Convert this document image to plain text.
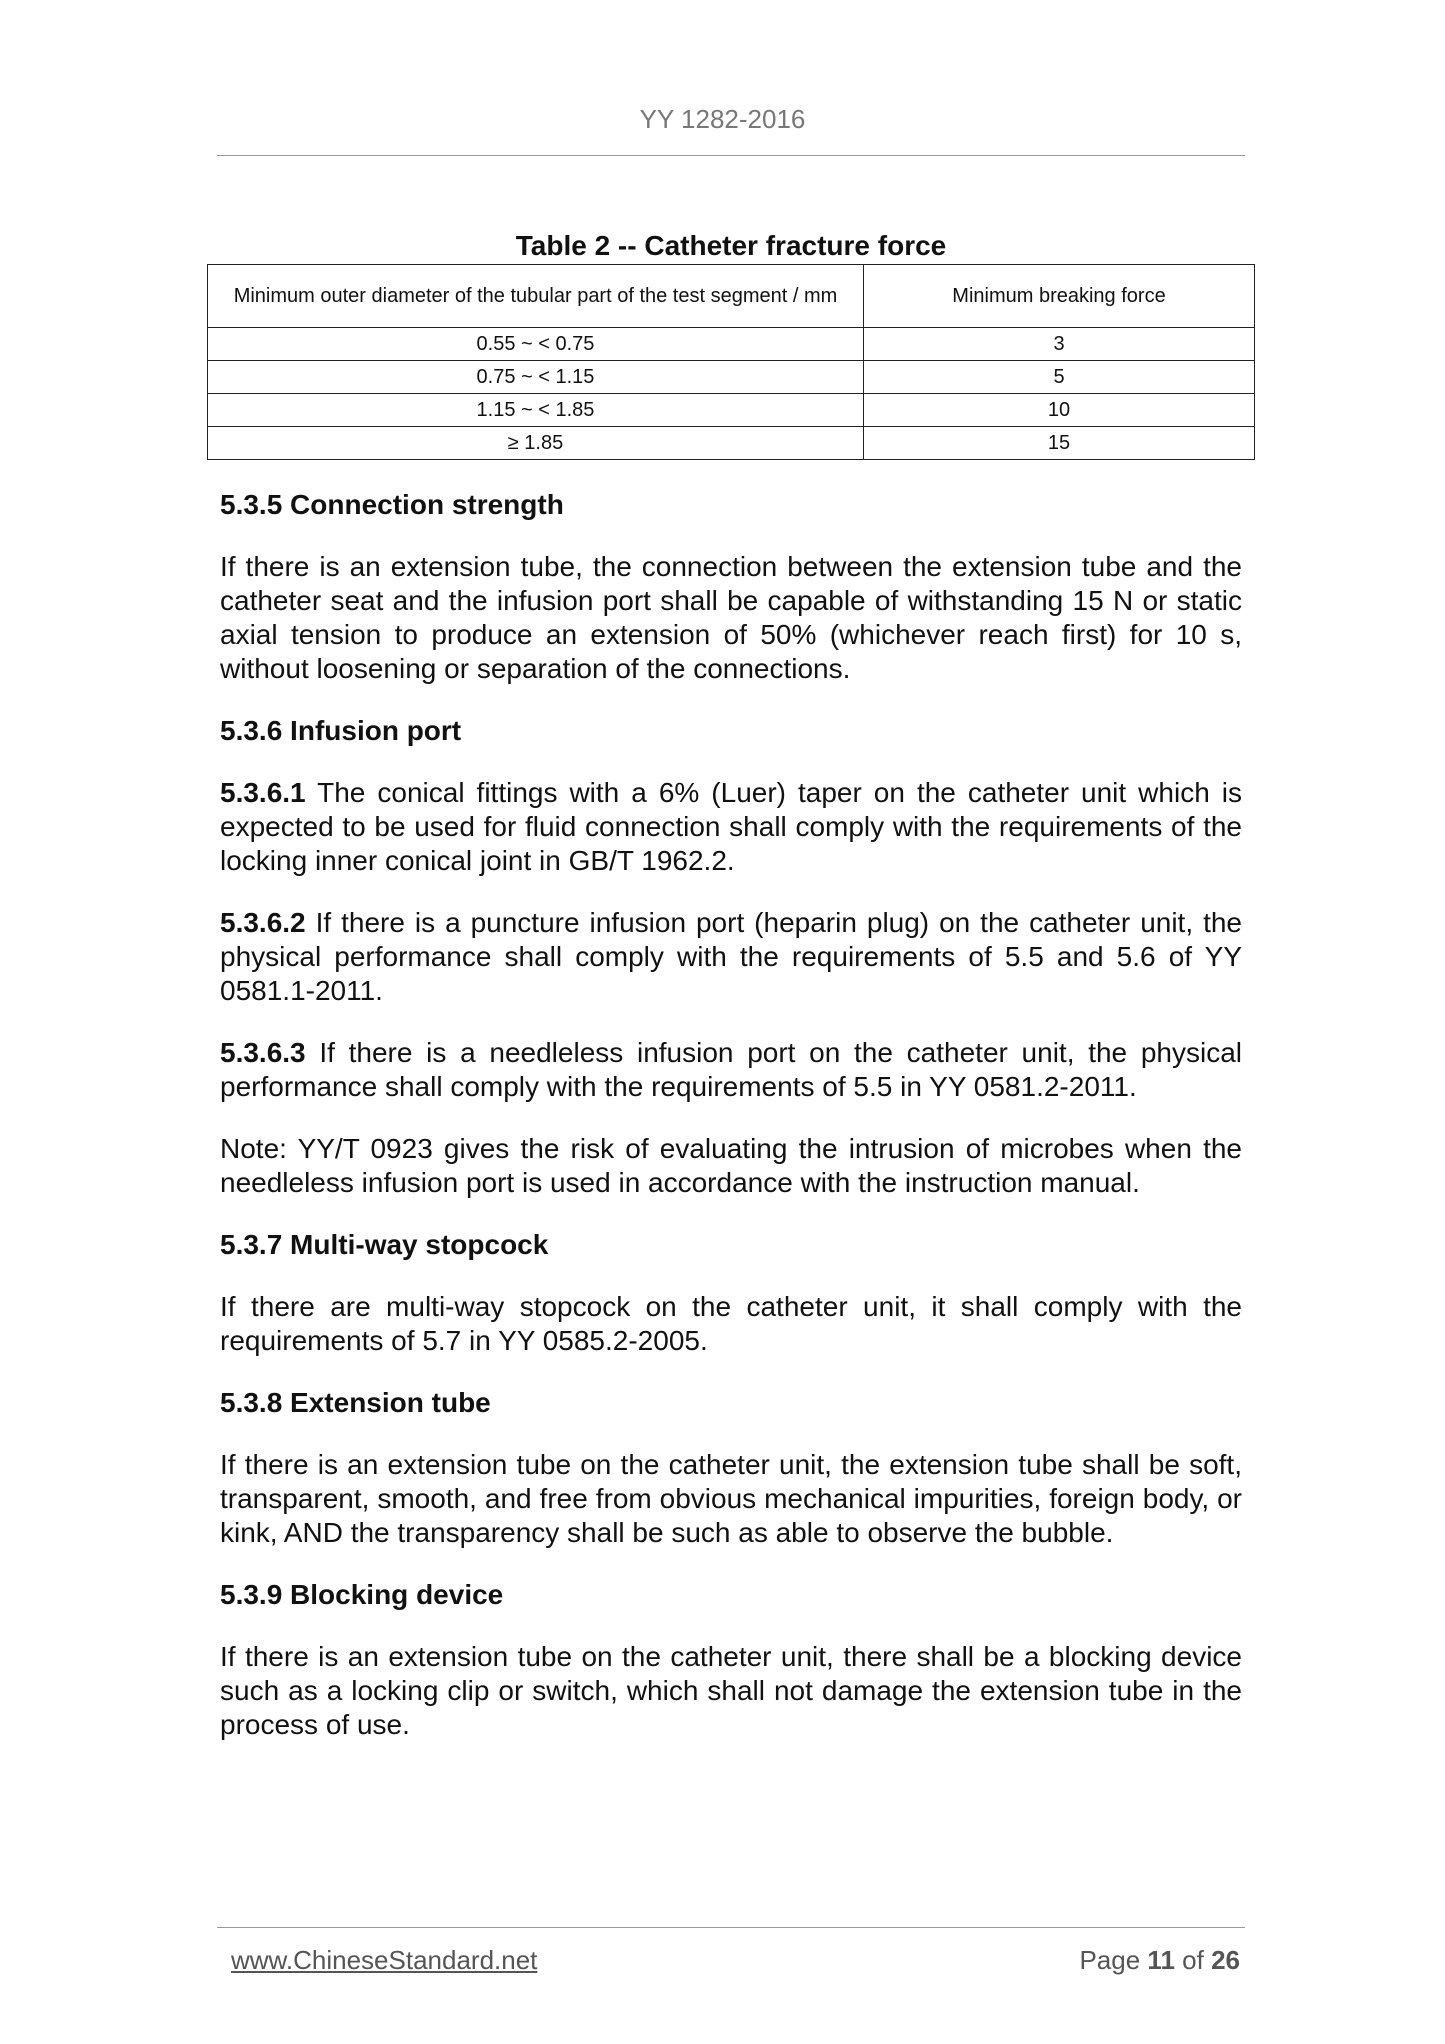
YY 1282-2016
Table 2 -- Catheter fracture force
Minimum outer diameter of the tubular part of the test segment / mm	Minimum breaking force
0.55 ~ < 0.75	3
0.75 ~ < 1.15	5
1.15 ~ < 1.85	10
≥ 1.85	15

5.3.5 Connection strength

If there is an extension tube, the connection between the extension tube and the catheter seat and the infusion port shall be capable of withstanding 15 N or static axial tension to produce an extension of 50% (whichever reach first) for 10 s, without loosening or separation of the connections.

5.3.6 Infusion port

5.3.6.1 The conical fittings with a 6% (Luer) taper on the catheter unit which is expected to be used for fluid connection shall comply with the requirements of the locking inner conical joint in GB/T 1962.2.

5.3.6.2 If there is a puncture infusion port (heparin plug) on the catheter unit, the physical performance shall comply with the requirements of 5.5 and 5.6 of YY 0581.1-2011.

5.3.6.3 If there is a needleless infusion port on the catheter unit, the physical performance shall comply with the requirements of 5.5 in YY 0581.2-2011.

Note: YY/T 0923 gives the risk of evaluating the intrusion of microbes when the needleless infusion port is used in accordance with the instruction manual.

5.3.7 Multi-way stopcock

If there are multi-way stopcock on the catheter unit, it shall comply with the requirements of 5.7 in YY 0585.2-2005.

5.3.8 Extension tube

If there is an extension tube on the catheter unit, the extension tube shall be soft, transparent, smooth, and free from obvious mechanical impurities, foreign body, or kink, AND the transparency shall be such as able to observe the bubble.

5.3.9 Blocking device

If there is an extension tube on the catheter unit, there shall be a blocking device such as a locking clip or switch, which shall not damage the extension tube in the process of use.

www.ChineseStandard.net	Page 11 of 26
